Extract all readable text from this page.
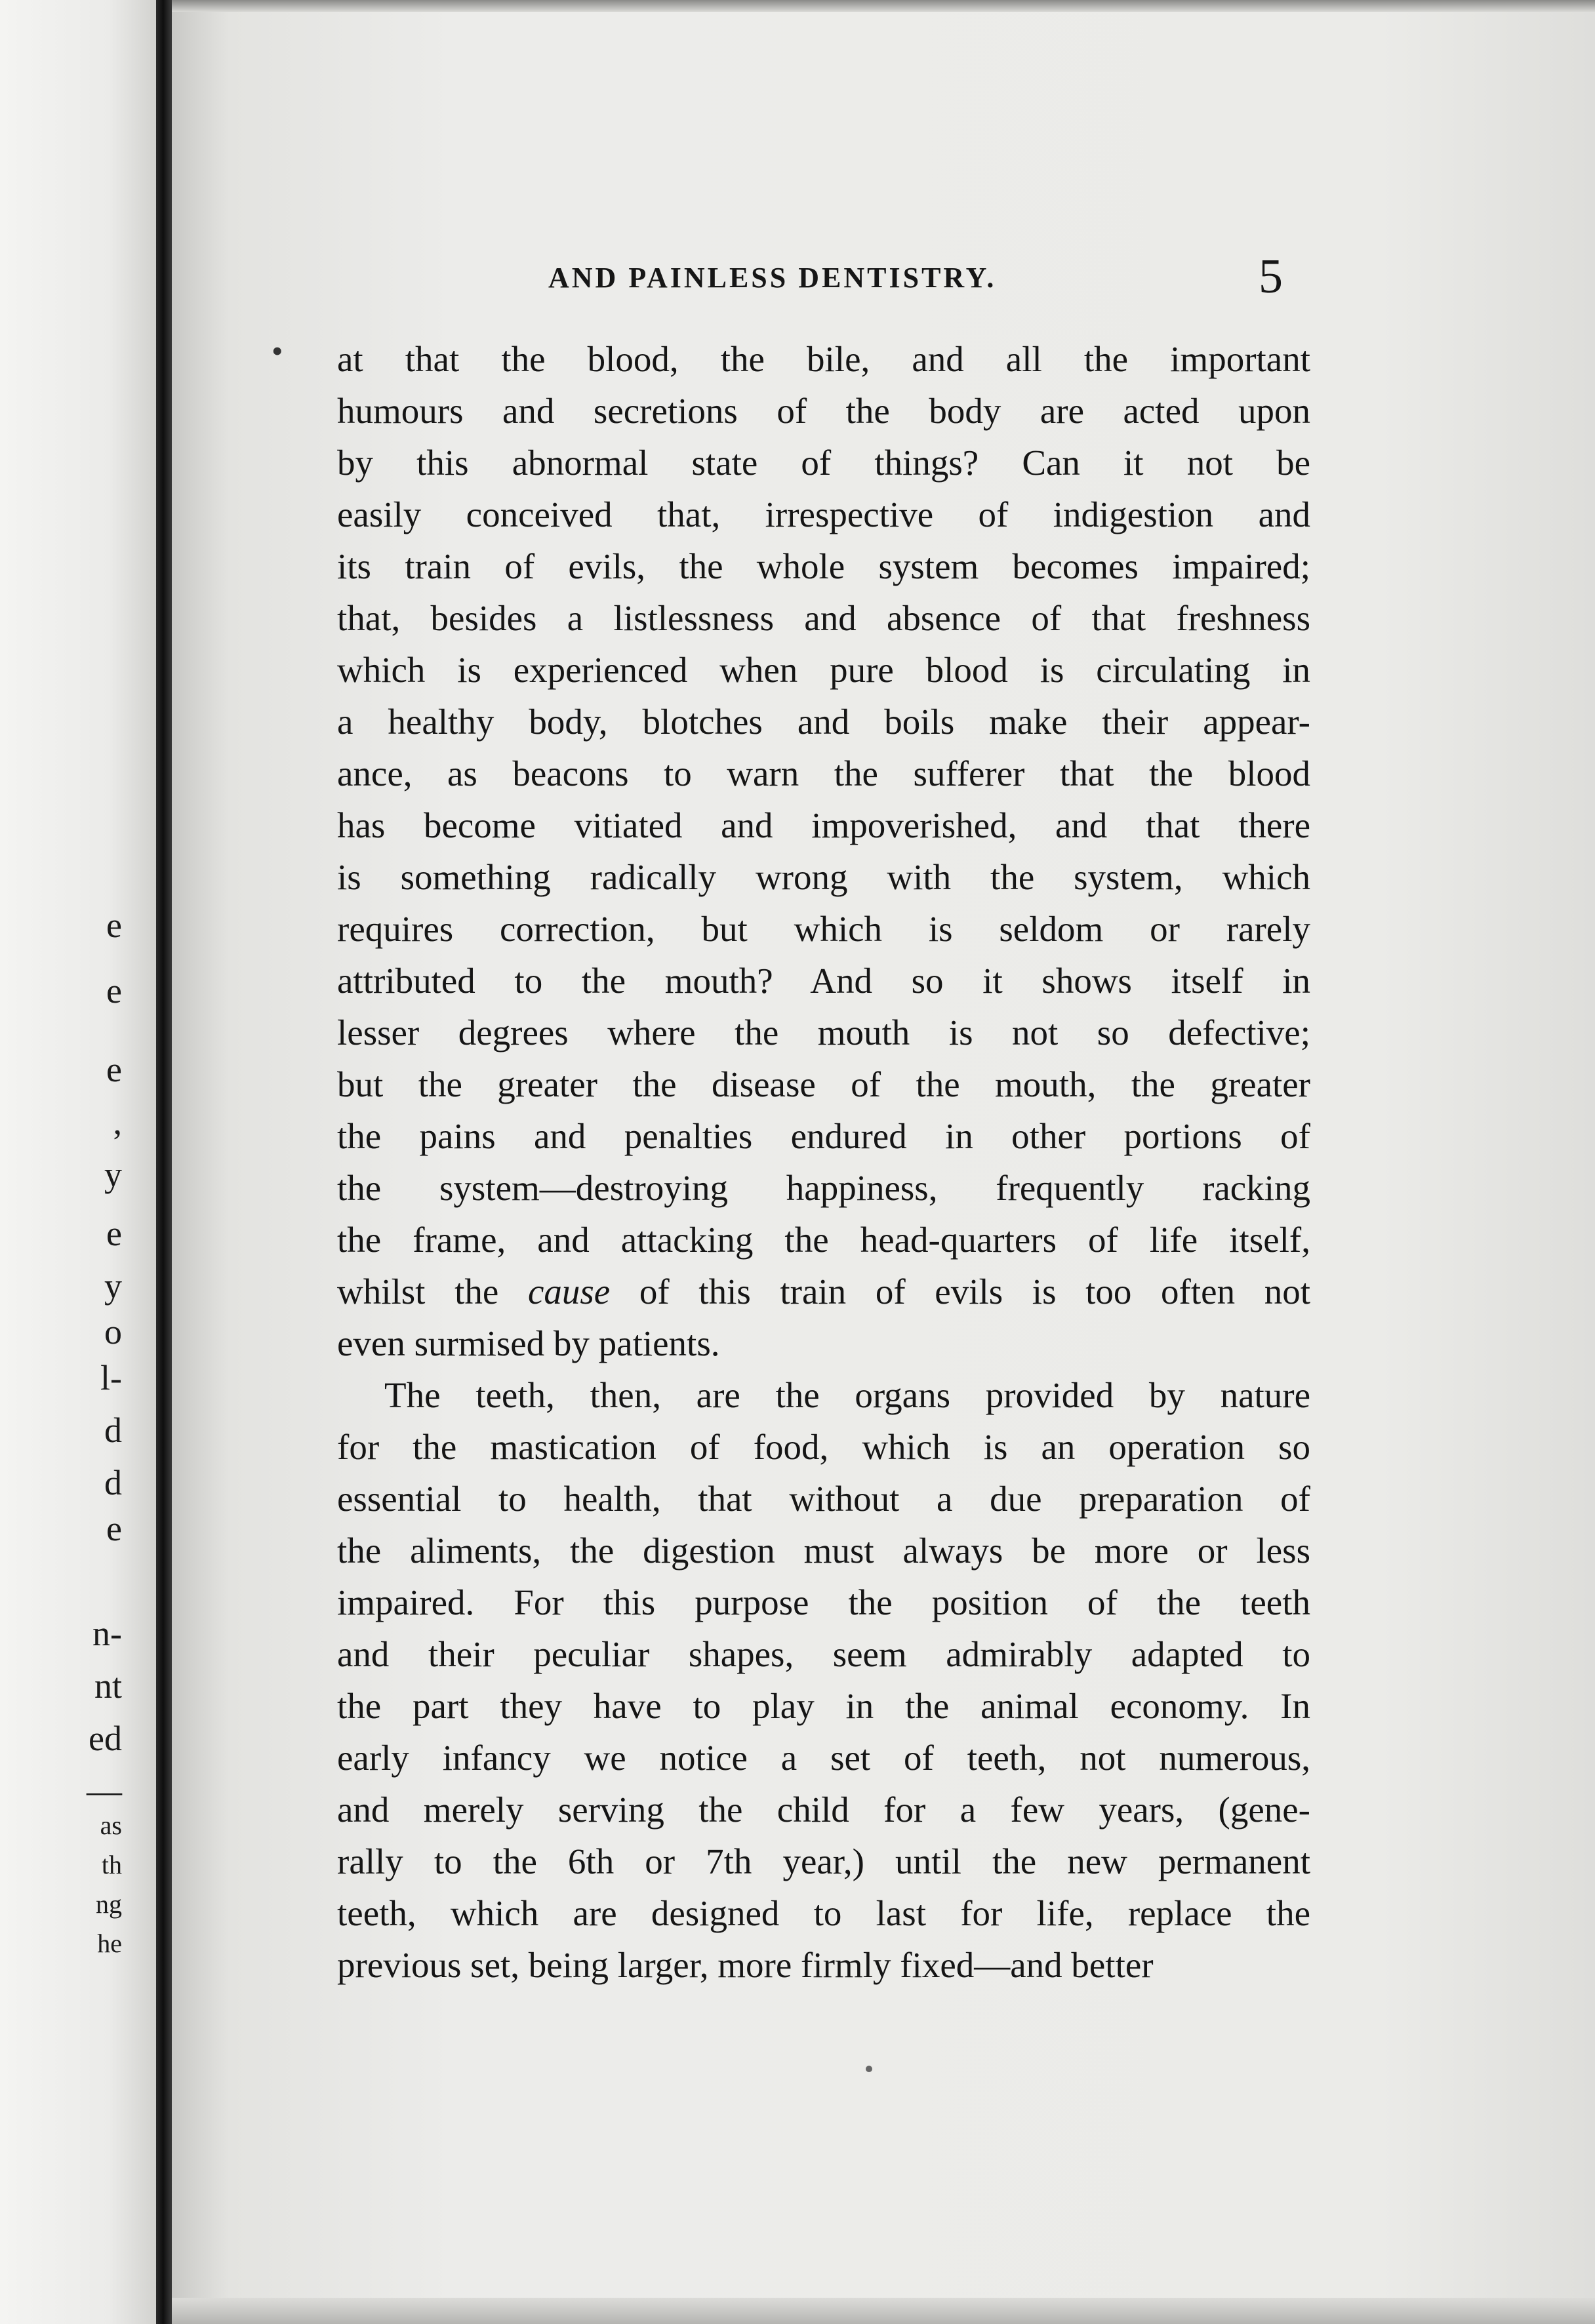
e
e
e
,
y
e
y
o
l-
d
d
e
n-
nt
ed
—
as
th
ng
he
AND PAINLESS DENTISTRY.	5
• at that the blood, the bile, and all the important
humours and secretions of the body are acted upon
by this abnormal state of things? Can it not be
easily conceived that, irrespective of indigestion and
its train of evils, the whole system becomes impaired;
that, besides a listlessness and absence of that freshness
which is experienced when pure blood is circulating in
a healthy body, blotches and boils make their appear-
ance, as beacons to warn the sufferer that the blood
has become vitiated and impoverished, and that there
is something radically wrong with the system, which
requires correction, but which is seldom or rarely
attributed to the mouth? And so it shows itself in
lesser degrees where the mouth is not so defective;
but the greater the disease of the mouth, the greater
the pains and penalties endured in other portions of
the system—destroying happiness, frequently racking
the frame, and attacking the head-quarters of life itself,
whilst the cause of this train of evils is too often not
even surmised by patients.
The teeth, then, are the organs provided by nature
for the mastication of food, which is an operation so
essential to health, that without a due preparation of
the aliments, the digestion must always be more or less
impaired. For this purpose the position of the teeth
and their peculiar shapes, seem admirably adapted to
the part they have to play in the animal economy. In
early infancy we notice a set of teeth, not numerous,
and merely serving the child for a few years, (gene-
rally to the 6th or 7th year,) until the new permanent
teeth, which are designed to last for life, replace the
previous set, being larger, more firmly fixed—and better
